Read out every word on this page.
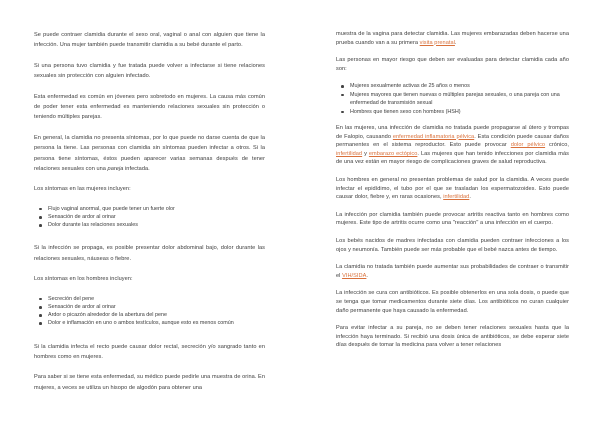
Se puede contraer clamidia durante el sexo oral, vaginal o anal con alguien que tiene la infección. Una mujer también puede transmitir clamidia a su bebé durante el parto.

Si una persona tuvo clamidia y fue tratada puede volver a infectarse si tiene relaciones sexuales sin protección con alguien infectado.

Esta enfermedad es común en jóvenes pero sobretodo en mujeres. La causa más común de poder tener esta enfermedad es manteniendo relaciones sexuales sin protección o teniendo múltiples parejas.

En general, la clamidia no presenta síntomas, por lo que puede no darse cuenta de que la persona la tiene. Las personas con clamidia sin síntomas pueden infectar a otros. Si la persona tiene síntomas, éstos pueden aparecer varias semanas después de tener relaciones sexuales con una pareja infectada.

Los síntomas en las mujeres incluyen:

Flujo vaginal anormal, que puede tener un fuerte olor
Sensación de ardor al orinar
Dolor durante las relaciones sexuales

Si la infección se propaga, es posible presentar dolor abdominal bajo, dolor durante las relaciones sexuales, náuseas o fiebre.

Los síntomas en los hombres incluyen:

Secreción del pene
Sensación de ardor al orinar
Ardor o picazón alrededor de la abertura del pene
Dolor e inflamación en uno o ambos testículos, aunque esto es menos común

Si la clamidia infecta el recto puede causar dolor rectal, secreción y/o sangrado tanto en hombres como en mujeres.

Para saber si se tiene esta enfermedad, su médico puede pedirle una muestra de orina. En mujeres, a veces se utiliza un hisopo de algodón para obtener una

muestra de la vagina para detectar clamidia. Las mujeres embarazadas deben hacerse una prueba cuando van a su primera visita prenatal.

Las personas en mayor riesgo que deben ser evaluadas para detectar clamidia cada año son:

Mujeres sexualmente activas de 25 años o menos
Mujeres mayores que tienen nuevas o múltiples parejas sexuales, o una pareja con una enfermedad de transmisión sexual
Hombres que tienen sexo con hombres (HSH)

En las mujeres, una infección de clamidia no tratada puede propagarse al útero y trompas de Falopio, causando enfermedad inflamatoria pélvica. Esta condición puede causar daños permanentes en el sistema reproductor. Esto puede provocar dolor pélvico crónico, infertilidad y embarazo ectópico. Las mujeres que han tenido infecciones por clamidia más de una vez están en mayor riesgo de complicaciones graves de salud reproductiva.

Los hombres en general no presentan problemas de salud por la clamidia. A veces puede infectar el epidídimo, el tubo por el que se trasladan los espermatozoides. Esto puede causar dolor, fiebre y, en raras ocasiones, infertilidad.

La infección por clamidia también puede provocar artritis reactiva tanto en hombres como mujeres. Este tipo de artritis ocurre como una "reacción" a una infección en el cuerpo.

Los bebés nacidos de madres infectadas con clamidia pueden contraer infecciones a los ojos y neumonía. También puede ser más probable que el bebé nazca antes de tiempo.

La clamidia no tratada también puede aumentar sus probabilidades de contraer o transmitir el VIH/SIDA.

La infección se cura con antibióticos. Es posible obtenerlos en una sola dosis, o puede que se tenga que tomar medicamentos durante siete días. Los antibióticos no curan cualquier daño permanente que haya causado la enfermedad.

Para evitar infectar a su pareja, no se deben tener relaciones sexuales hasta que la infección haya terminado. Si recibió una dosis única de antibióticos, se debe esperar siete días después de tomar la medicina para volver a tener relaciones
